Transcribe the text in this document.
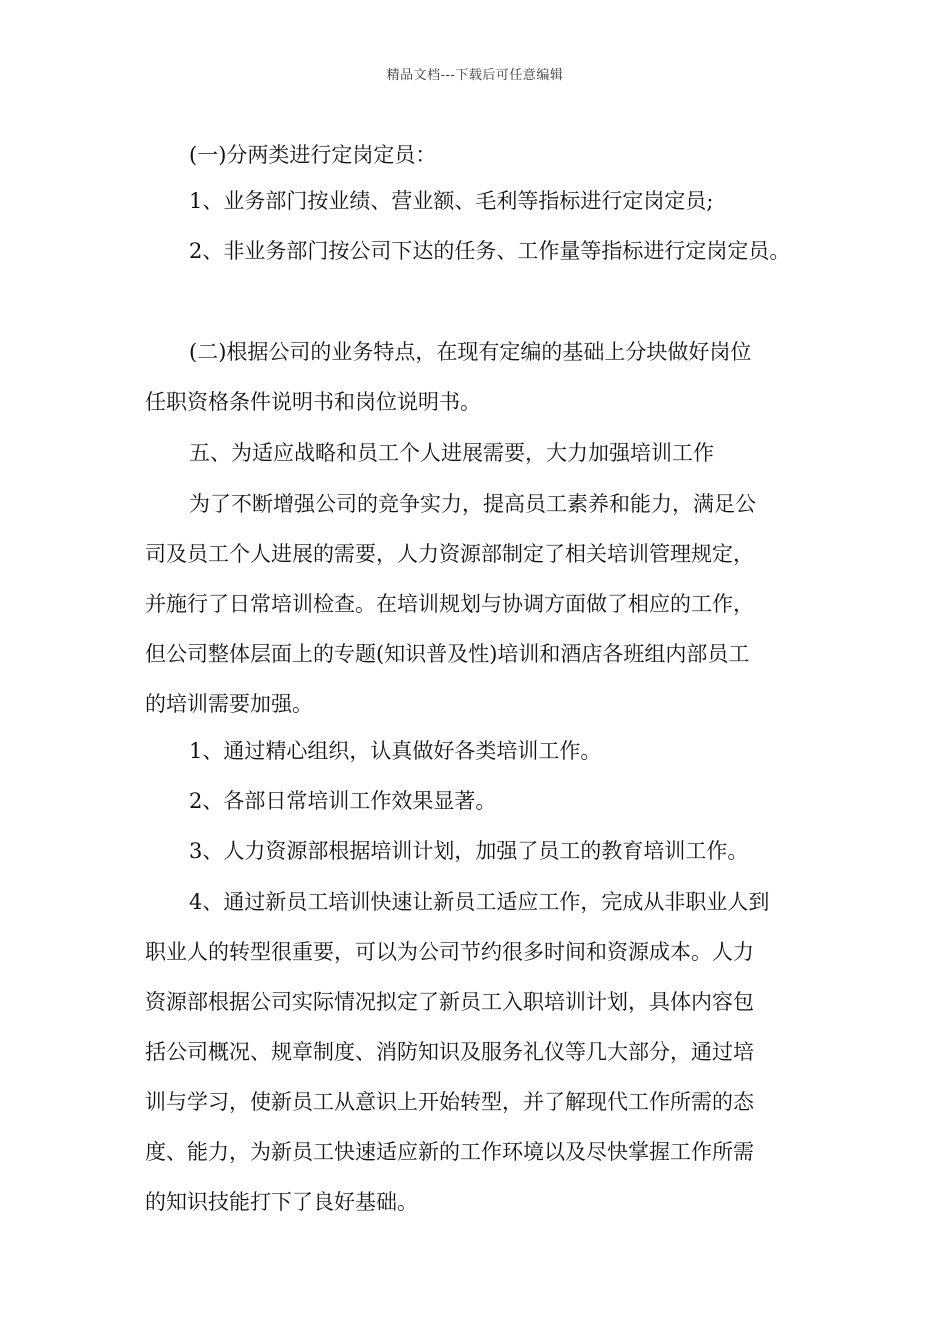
精品文档---下载后可任意编辑
(一)分两类进行定岗定员：
1、业务部门按业绩、营业额、毛利等指标进行定岗定员;
2、非业务部门按公司下达的任务、工作量等指标进行定岗定员。
(二)根据公司的业务特点，在现有定编的基础上分块做好岗位
任职资格条件说明书和岗位说明书。
五、为适应战略和员工个人进展需要，大力加强培训工作
为了不断增强公司的竞争实力，提高员工素养和能力，满足公
司及员工个人进展的需要，人力资源部制定了相关培训管理规定，
并施行了日常培训检查。在培训规划与协调方面做了相应的工作，
但公司整体层面上的专题(知识普及性)培训和酒店各班组内部员工
的培训需要加强。
1、通过精心组织，认真做好各类培训工作。
2、各部日常培训工作效果显著。
3、人力资源部根据培训计划，加强了员工的教育培训工作。
4、通过新员工培训快速让新员工适应工作，完成从非职业人到
职业人的转型很重要，可以为公司节约很多时间和资源成本。人力
资源部根据公司实际情况拟定了新员工入职培训计划，具体内容包
括公司概况、规章制度、消防知识及服务礼仪等几大部分，通过培
训与学习，使新员工从意识上开始转型，并了解现代工作所需的态
度、能力，为新员工快速适应新的工作环境以及尽快掌握工作所需
的知识技能打下了良好基础。
